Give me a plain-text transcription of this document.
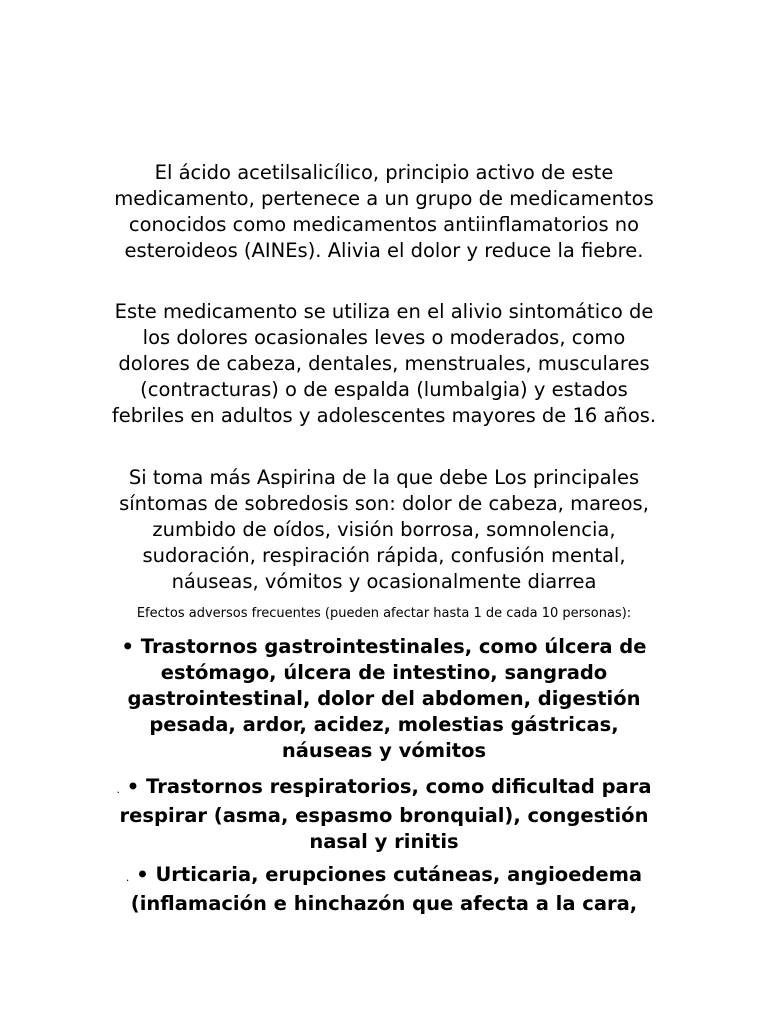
El ácido acetilsalicílico, principio activo de este medicamento, pertenece a un grupo de medicamentos conocidos como medicamentos antiinflamatorios no esteroideos (AINEs). Alivia el dolor y reduce la fiebre.

Este medicamento se utiliza en el alivio sintomático de los dolores ocasionales leves o moderados, como dolores de cabeza, dentales, menstruales, musculares (contracturas) o de espalda (lumbalgia) y estados febriles en adultos y adolescentes mayores de 16 años.

Si toma más Aspirina de la que debe Los principales síntomas de sobredosis son: dolor de cabeza, mareos, zumbido de oídos, visión borrosa, somnolencia, sudoración, respiración rápida, confusión mental, náuseas, vómitos y ocasionalmente diarrea

Efectos adversos frecuentes (pueden afectar hasta 1 de cada 10 personas):

• Trastornos gastrointestinales, como úlcera de estómago, úlcera de intestino, sangrado gastrointestinal, dolor del abdomen, digestión pesada, ardor, acidez, molestias gástricas, náuseas y vómitos

. • Trastornos respiratorios, como dificultad para respirar (asma, espasmo bronquial), congestión nasal y rinitis

. • Urticaria, erupciones cutáneas, angioedema (inflamación e hinchazón que afecta a la cara,
